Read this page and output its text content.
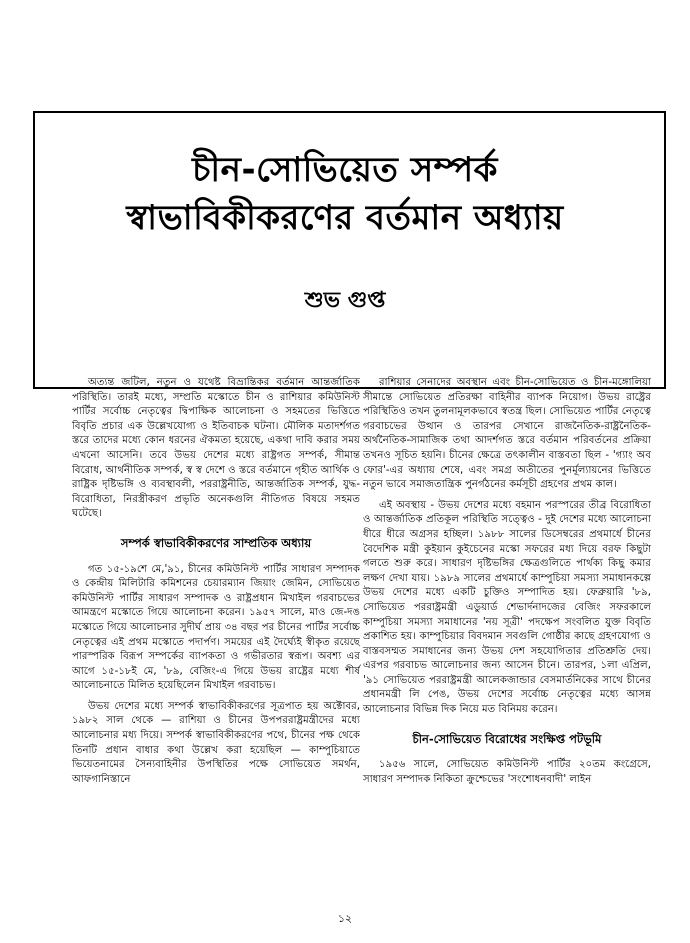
চীন-সোভিয়েত সম্পর্ক
স্বাভাবিকীকরণের বর্তমান অধ্যায়
শুভ গুপ্ত

অত্যন্ত জটিল, নতুন ও যথেষ্ট বিভ্রান্তিকর বর্তমান আন্তর্জাতিক পরিস্থিতি। তারই মধ্যে, সম্প্রতি মস্কোতে চীন ও রাশিয়ার কমিউনিস্ট পার্টির সর্বোচ্চ নেতৃত্বের দ্বিপাক্ষিক আলোচনা ও সহমতের ভিত্তিতে বিবৃতি প্রচার এক উল্লেখযোগ্য ও ইতিবাচক ঘটনা। মৌলিক মতাদর্শগত স্তরে তাদের মধ্যে কোন ধরনের ঐকমত্য হয়েছে, একথা দাবি করার সময় এখনো আসেনি। তবে উভয় দেশের মধ্যে রাষ্ট্রগত সম্পর্ক, সীমান্ত বিরোধ, আর্থনীতিক সম্পর্ক, স্ব স্ব দেশে ও স্তরে বর্তমানে গৃহীত আর্থিক ও রাষ্ট্রিক দৃষ্টিভঙ্গি ও ব্যবস্থাবলী, পররাষ্ট্রনীতি, আন্তর্জাতিক সম্পর্ক, যুদ্ধ-বিরোধিতা, নিরস্ত্রীকরণ প্রভৃতি অনেকগুলি নীতিগত বিষয়ে সহমত ঘটেছে।

সম্পর্ক স্বাভাবিকীকরণের সাম্প্রতিক অধ্যায়

গত ১৫-১৯শে মে,'৯১, চীনের কমিউনিস্ট পার্টির সাধারণ সম্পাদক ও কেন্দ্রীয় মিলিটারি কমিশনের চেয়ারম্যান জিয়াং জেমিন, সোভিয়েত কমিউনিস্ট পার্টির সাধারণ সম্পাদক ও রাষ্ট্রপ্রধান মিখাইল গরবাচভের আমন্ত্রণে মস্কোতে গিয়ে আলোচনা করেন। ১৯৫৭ সালে, মাও জে-দঙ মস্কোতে গিয়ে আলোচনার সুদীর্ঘ প্রায় ৩৪ বছর পর চীনের পার্টির সর্বোচ্চ নেতৃত্বের এই প্রথম মস্কোতে পদার্পণ। সময়ের এই দৈর্ঘ্যেই স্বীকৃত রয়েছে পারস্পরিক বিরূপ সম্পর্কের ব্যাপকতা ও গভীরতার স্বরূপ। অবশ্য এর আগে ১৫-১৮ই মে, '৮৯, বেজিং-এ গিয়ে উভয় রাষ্ট্রের মধ্যে শীর্ষ আলোচনাতে মিলিত হয়েছিলেন মিখাইল গরবাচভ।

উভয় দেশের মধ্যে সম্পর্ক স্বাভাবিকীকরণের সূত্রপাত হয় অক্টোবর, ১৯৮২ সাল থেকে — রাশিয়া ও চীনের উপপররাষ্ট্রমন্ত্রীদের মধ্যে আলোচনার মধ্য দিয়ে। সম্পর্ক স্বাভাবিকীকরণের পথে, চীনের পক্ষ থেকে তিনটি প্রধান বাধার কথা উল্লেখ করা হয়েছিল — কাম্পুচিয়াতে ভিয়েতনামের সৈন্যবাহিনীর উপস্থিতির পক্ষে সোভিয়েত সমর্থন, আফগানিস্তানে

রাশিয়ার সেনাদের অবস্থান এবং চীন-সোভিয়েত ও চীন-মঙ্গোলিয়া সীমান্তে সোভিয়েত প্রতিরক্ষা বাহিনীর ব্যাপক নিয়োগ। উভয় রাষ্ট্রের পরিস্থিতিও তখন তুলনামূলকভাবে স্বতন্ত্র ছিল। সোভিয়েত পার্টির নেতৃত্বে গরবাচভের উত্থান ও তারপর সেখানে রাজনৈতিক-রাষ্ট্রনৈতিক-অর্থনৈতিক-সামাজিক তথা আদর্শগত স্তরে বর্তমান পরিবর্তনের প্রক্রিয়া তখনও সূচিত হয়নি। চীনের ক্ষেত্রে তৎকালীন বাস্তবতা ছিল - 'গ্যাং অব ফোর'-এর অধ্যায় শেষে, এবং সমগ্র অতীতের পুনর্মূল্যায়নের ভিত্তিতে নতুন ভাবে সমাজতান্ত্রিক পুনর্গঠনের কর্মসূচী গ্রহণের প্রথম কাল।

এই অবস্থায় - উভয় দেশের মধ্যে বহমান পরস্পরের তীব্র বিরোধিতা ও আন্তর্জাতিক প্রতিকূল পরিস্থিতি সত্ত্বেও - দুই দেশের মধ্যে আলোচনা ধীরে ধীরে অগ্রসর হচ্ছিল। ১৯৮৮ সালের ডিসেম্বরের প্রথমার্ধে চীনের বৈদেশিক মন্ত্রী কুইয়ান কুইচেনের মস্কো সফরের মধ্য দিয়ে বরফ কিছুটা গলতে শুরু করে। সাধারণ দৃষ্টিভঙ্গির ক্ষেত্রগুলিতে পার্থক্য কিছু কমার লক্ষণ দেখা যায়। ১৯৮৯ সালের প্রথমার্ধে কাম্পুচিয়া সমস্যা সমাধানকল্পে উভয় দেশের মধ্যে একটি চুক্তিও সম্পাদিত হয়। ফেব্রুয়ারি '৮৯, সোভিয়েত পররাষ্ট্রমন্ত্রী এডুয়ার্ড শেভার্দনাদজের বেজিং সফরকালে কাম্পুচিয়া সমস্যা সমাধানের 'নয় সূত্রী' পদক্ষেপ সংবলিত যুক্ত বিবৃতি প্রকাশিত হয়। কাম্পুচিয়ার বিবদমান সবগুলি গোষ্ঠীর কাছে গ্রহণযোগ্য ও বাস্তবসম্মত সমাধানের জন্য উভয় দেশ সহযোগিতার প্রতিশ্রুতি দেয়। এরপর গরবাচভ আলোচনার জন্য আসেন চীনে। তারপর, ১লা এপ্রিল, '৯১ সোভিয়েত পররাষ্ট্রমন্ত্রী আলেকজান্ডার বেসমার্তনিকের সাথে চীনের প্রধানমন্ত্রী লি পেঙ, উভয় দেশের সর্বোচ্চ নেতৃত্বের মধ্যে আসন্ন আলোচনার বিভিন্ন দিক নিয়ে মত বিনিময় করেন।

চীন-সোভিয়েত বিরোধের সংক্ষিপ্ত পটভূমি

১৯৫৬ সালে, সোভিয়েত কমিউনিস্ট পার্টির ২০তম কংগ্রেসে, সাধারণ সম্পাদক নিকিতা ক্রুশ্চেভের 'সংশোধনবাদী' লাইন

১২
